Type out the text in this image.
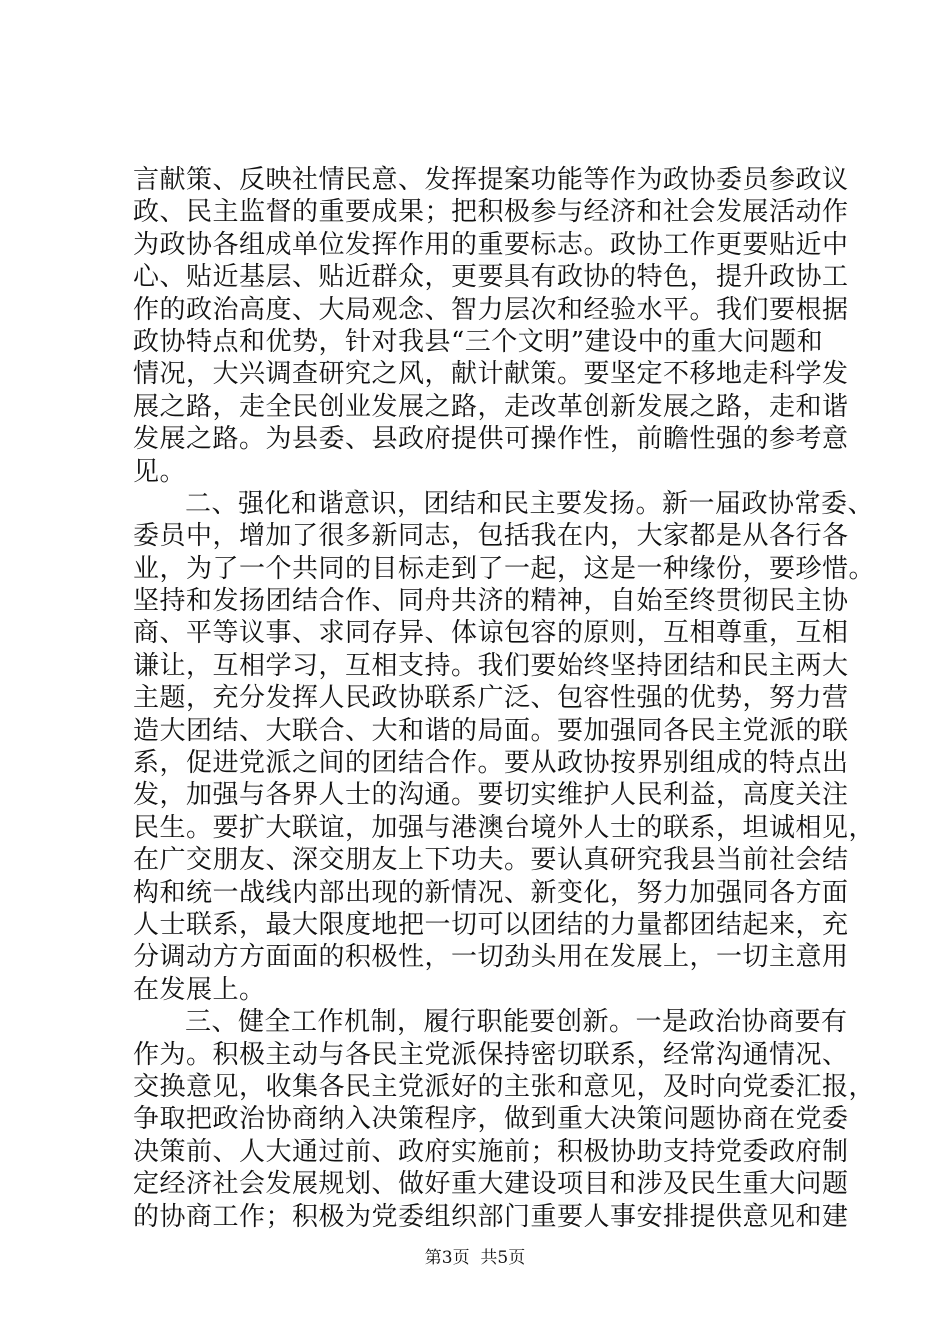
言献策、反映社情民意、发挥提案功能等作为政协委员参政议
政、民主监督的重要成果；把积极参与经济和社会发展活动作
为政协各组成单位发挥作用的重要标志。政协工作更要贴近中
心、贴近基层、贴近群众，更要具有政协的特色，提升政协工
作的政治高度、大局观念、智力层次和经验水平。我们要根据
政协特点和优势，针对我县“三个文明”建设中的重大问题和
情况，大兴调查研究之风，献计献策。要坚定不移地走科学发
展之路，走全民创业发展之路，走改革创新发展之路，走和谐
发展之路。为县委、县政府提供可操作性，前瞻性强的参考意
见。
二、强化和谐意识，团结和民主要发扬。新一届政协常委、
委员中，增加了很多新同志，包括我在内，大家都是从各行各
业，为了一个共同的目标走到了一起，这是一种缘份，要珍惜。
坚持和发扬团结合作、同舟共济的精神，自始至终贯彻民主协
商、平等议事、求同存异、体谅包容的原则，互相尊重，互相
谦让，互相学习，互相支持。我们要始终坚持团结和民主两大
主题，充分发挥人民政协联系广泛、包容性强的优势，努力营
造大团结、大联合、大和谐的局面。要加强同各民主党派的联
系，促进党派之间的团结合作。要从政协按界别组成的特点出
发，加强与各界人士的沟通。要切实维护人民利益，高度关注
民生。要扩大联谊，加强与港澳台境外人士的联系，坦诚相见，
在广交朋友、深交朋友上下功夫。要认真研究我县当前社会结
构和统一战线内部出现的新情况、新变化，努力加强同各方面
人士联系，最大限度地把一切可以团结的力量都团结起来，充
分调动方方面面的积极性，一切劲头用在发展上，一切主意用
在发展上。
三、健全工作机制，履行职能要创新。一是政治协商要有
作为。积极主动与各民主党派保持密切联系，经常沟通情况、
交换意见，收集各民主党派好的主张和意见，及时向党委汇报，
争取把政治协商纳入决策程序，做到重大决策问题协商在党委
决策前、人大通过前、政府实施前；积极协助支持党委政府制
定经济社会发展规划、做好重大建设项目和涉及民生重大问题
的协商工作；积极为党委组织部门重要人事安排提供意见和建
第3页  共5页
